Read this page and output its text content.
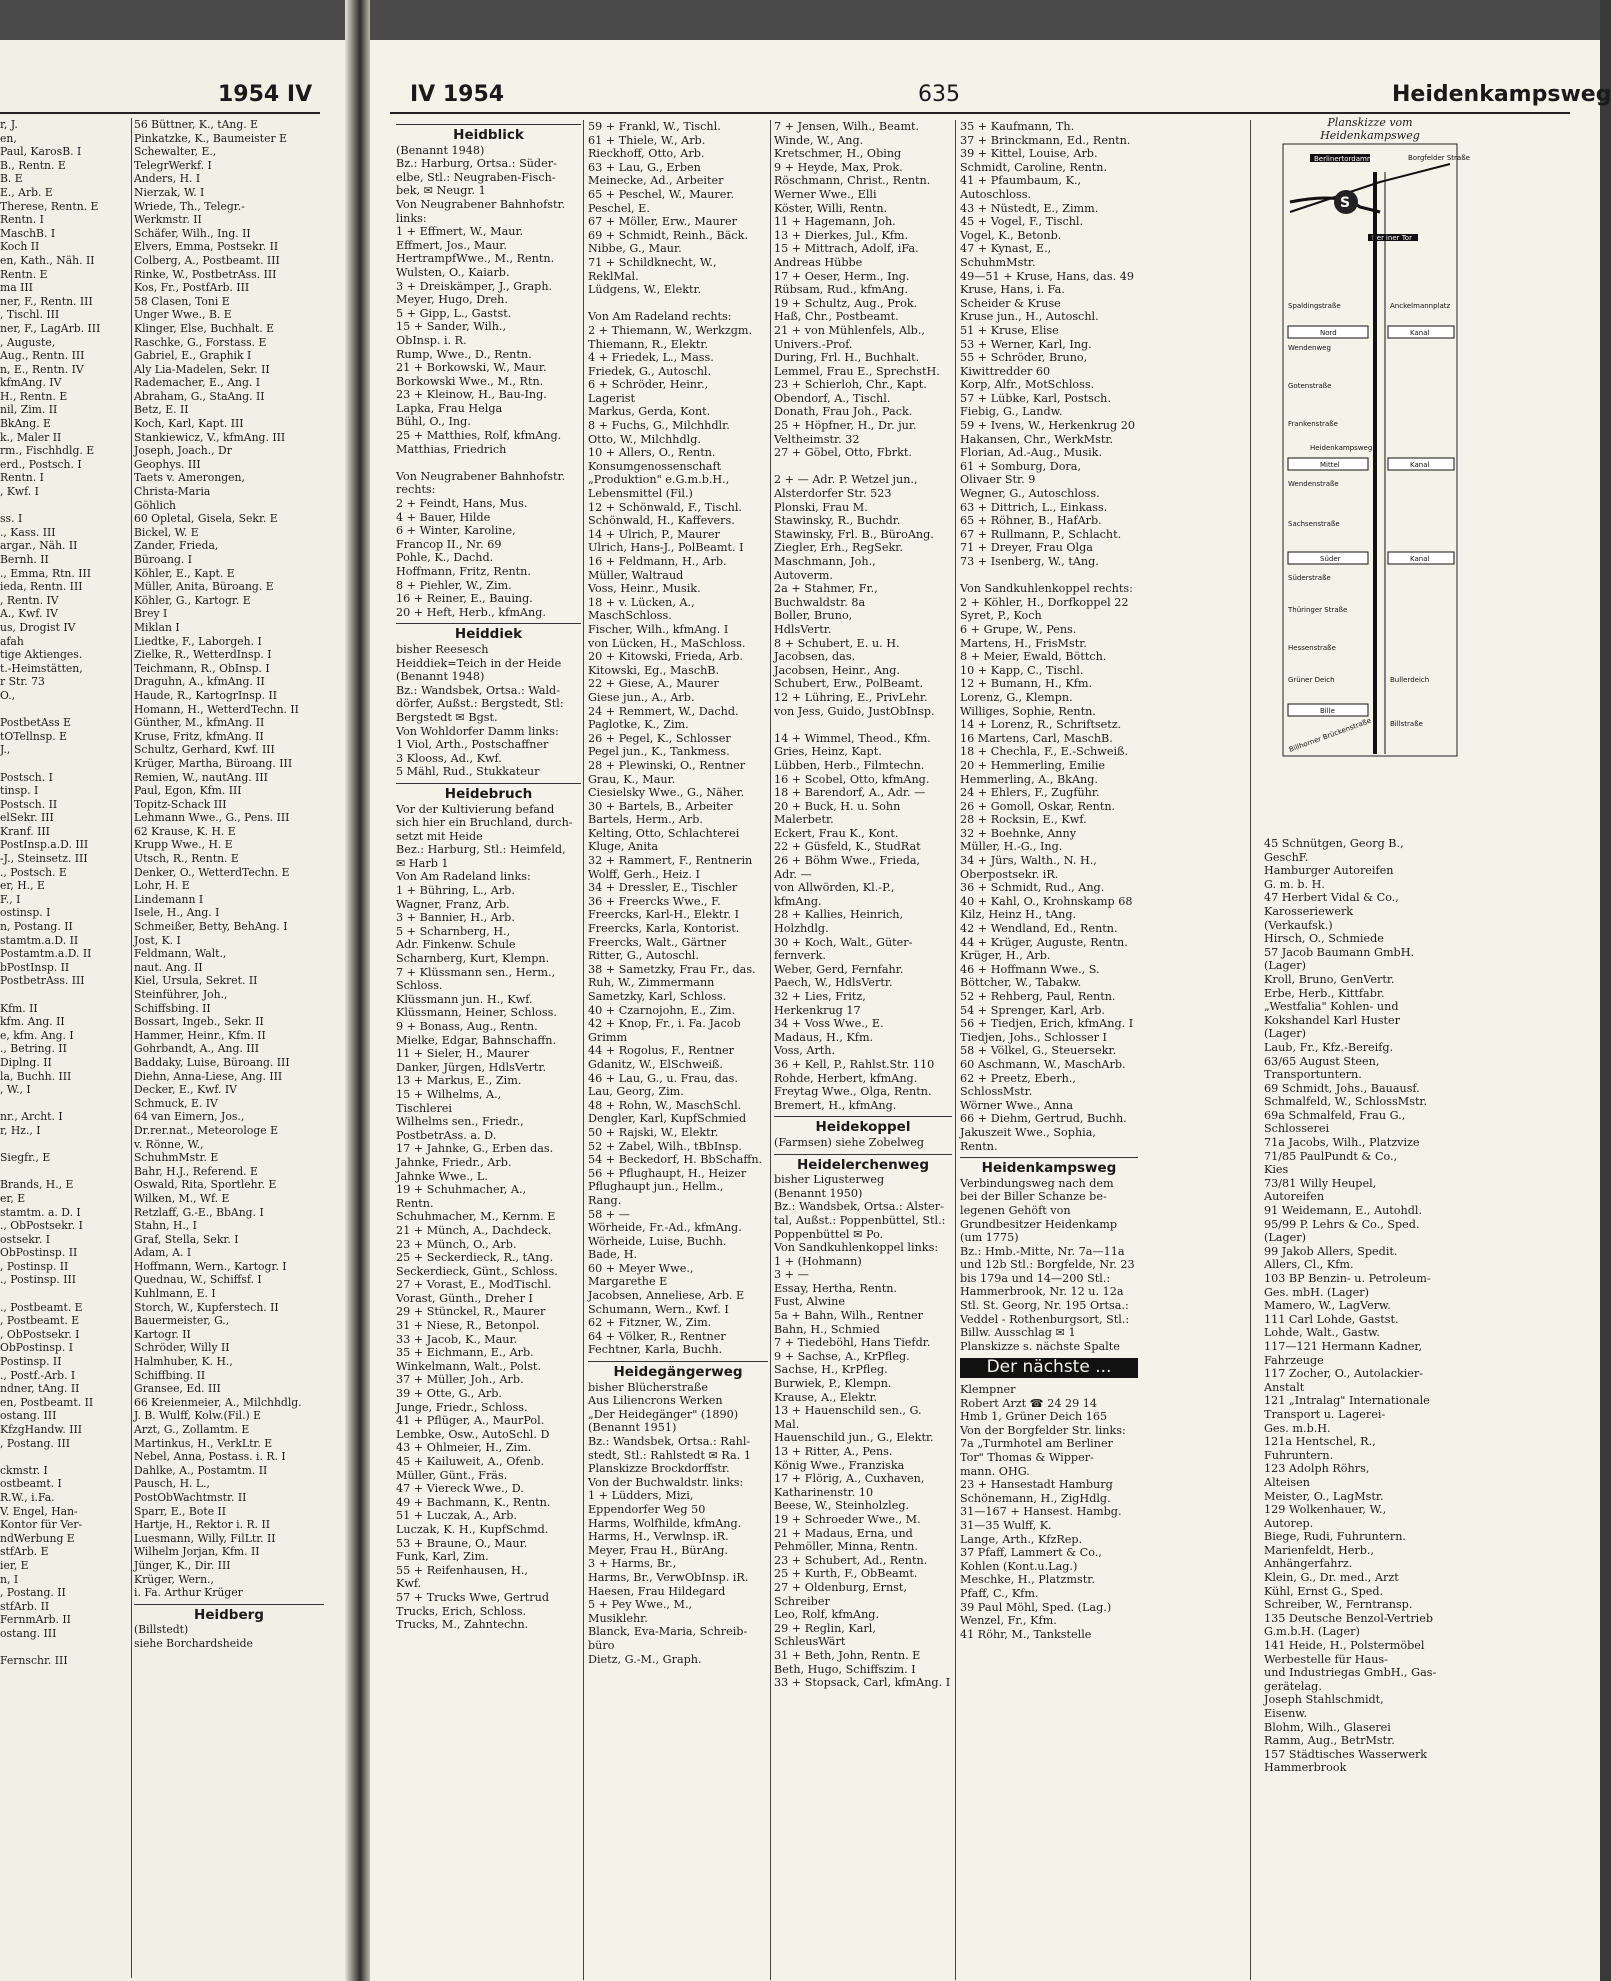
1954 IV
r, J.
en,
Paul, KarosB. I
B., Rentn. E
B. E
E., Arb. E
Therese, Rentn. E
Rentn. I
MaschB. I
Koch II
en, Kath., Näh. II
Rentn. E
ma III
ner, F., Rentn. III
, Tischl. III
ner, F., LagArb. III
, Auguste,
Aug., Rentn. III
n, E., Rentn. IV
kfmAng. IV
H., Rentn. E
nil, Zim. II
BkAng. E
k., Maler II
rm., Fischhdlg. E
erd., Postsch. I
Rentn. I
, Kwf. I
ss. I
., Kass. III
argar., Näh. II
Bernh. II
., Emma, Rtn. III
ieda, Rentn. III
, Rentn. IV
A., Kwf. IV
us, Drogist IV
afah
tige Aktienges.
t.-Heimstätten,
r Str. 73
O.,
PostbetAss E
tOTellnsp. E
J.,
Postsch. I
tinsp. I
Postsch. II
elSekr. III
Kranf. III
PostInsp.a.D. III
-J., Steinsetz. III
., Postsch. E
er, H., E
F., I
ostinsp. I
n, Postang. II
stamtm.a.D. II
Postamtm.a.D. II
bPostInsp. II
PostbetrAss. III
Kfm. II
kfm. Ang. II
e, kfm. Ang. I
., Betring. II
Diplng. II
la, Buchh. III
, W., I
nr., Archt. I
r, Hz., I
Siegfr., E
Brands, H., E
er, E
stamtm. a. D. I
., ObPostsekr. I
ostsekr. I
ObPostinsp. II
, Postinsp. II
., Postinsp. III
., Postbeamt. E
, Postbeamt. E
, ObPostsekr. I
ObPostinsp. I
Postinsp. II
., Postf.-Arb. I
ndner, tAng. II
en, Postbeamt. II
ostang. III
KfzgHandw. III
, Postang. III
ckmstr. I
ostbeamt. I
R.W., i.Fa.
V. Engel, Han-
Kontor für Ver-
ndWerbung E
stfArb. E
ier, E
n, I
, Postang. II
stfArb. II
FernmArb. II
ostang. III
Fernschr. III
56 Büttner, K., tAng. E
Pinkatzke, K., Baumeister E
Schewalter, E.,
TelegrWerkf. I
Anders, H. I
Nierzak, W. I
Wriede, Th., Telegr.-
Werkmstr. II
Schäfer, Wilh., Ing. II
Elvers, Emma, Postsekr. II
Colberg, A., Postbeamt. III
Rinke, W., PostbetrAss. III
Kos, Fr., PostfArb. III
58 Clasen, Toni E
Unger Wwe., B. E
Klinger, Else, Buchhalt. E
Raschke, G., Forstass. E
Gabriel, E., Graphik I
Aly Lia-Madelen, Sekr. II
Rademacher, E., Ang. I
Abraham, G., StaAng. II
Betz, E. II
Koch, Karl, Kapt. III
Stankiewicz, V., kfmAng. III
Joseph, Joach., Dr
Geophys. III
Taets v. Amerongen,
Christa-Maria
Göhlich
60 Opletal, Gisela, Sekr. E
Bickel, W. E
Zander, Frieda,
Büroang. I
Köhler, E., Kapt. E
Müller, Anita, Büroang. E
Köhler, G., Kartogr. E
Brey I
Miklan I
Liedtke, F., Laborgeh. I
Zielke, R., WetterdInsp. I
Teichmann, R., ObInsp. I
Draguhn, A., kfmAng. II
Haude, R., KartogrInsp. II
Homann, H., WetterdTechn. II
Günther, M., kfmAng. II
Kruse, Fritz, kfmAng. II
Schultz, Gerhard, Kwf. III
Krüger, Martha, Büroang. III
Remien, W., nautAng. III
Paul, Egon, Kfm. III
Topitz-Schack III
Lehmann Wwe., G., Pens. III
62 Krause, K. H. E
Krupp Wwe., H. E
Utsch, R., Rentn. E
Denker, O., WetterdTechn. E
Lohr, H. E
Lindemann I
Isele, H., Ang. I
Schmeißer, Betty, BehAng. I
Jost, K. I
Feldmann, Walt.,
naut. Ang. II
Kiel, Ursula, Sekret. II
Steinführer, Joh.,
Schiffsbing. II
Bossart, Ingeb., Sekr. II
Hammer, Heinr., Kfm. II
Gohrbandt, A., Ang. III
Baddaky, Luise, Büroang. III
Diehn, Anna-Liese, Ang. III
Decker, E., Kwf. IV
Schmuck, E. IV
64 van Eimern, Jos.,
Dr.rer.nat., Meteorologe E
v. Rönne, W.,
SchuhmMstr. E
Bahr, H.J., Referend. E
Oswald, Rita, Sportlehr. E
Wilken, M., Wf. E
Retzlaff, G.-E., BbAng. I
Stahn, H., I
Graf, Stella, Sekr. I
Adam, A. I
Hoffmann, Wern., Kartogr. I
Quednau, W., Schiffsf. I
Kuhlmann, E. I
Storch, W., Kupferstech. II
Bauermeister, G.,
Kartogr. II
Schröder, Willy II
Halmhuber, K. H.,
Schiffbing. II
Gransee, Ed. III
66 Kreienmeier, A., Milchhdlg.
J. B. Wulff, Kolw.(Fil.) E
Arzt, G., Zollamtm. E
Martinkus, H., VerkLtr. E
Nebel, Anna, Postass. i. R. I
Dahlke, A., Postamtm. II
Pausch, H. L.,
PostObWachtmstr. II
Sparr, E., Bote II
Hartje, H., Rektor i. R. II
Luesmann, Willy, FilLtr. II
Wilhelm Jorjan, Kfm. II
Jünger, K., Dir. III
Krüger, Wern.,
i. Fa. Arthur Krüger
Heidberg
(Billstedt)
siehe Borchardsheide
IV 1954	635	Heidenkampsweg
Heidblick
(Benannt 1948)
Bz.: Harburg, Ortsa.: Süder-
elbe, Stl.: Neugraben-Fisch-
bek, ✉ Neugr. 1
Von Neugrabener Bahnhofstr.
links:
1 + Effmert, W., Maur.
Effmert, Jos., Maur.
HertrampfWwe., M., Rentn.
Wulsten, O., Kaiarb.
3 + Dreiskämper, J., Graph.
Meyer, Hugo, Dreh.
5 + Gipp, L., Gastst.
15 + Sander, Wilh.,
ObInsp. i. R.
Rump, Wwe., D., Rentn.
21 + Borkowski, W., Maur.
Borkowski Wwe., M., Rtn.
23 + Kleinow, H., Bau-Ing.
Lapka, Frau Helga
Bühl, O., Ing.
25 + Matthies, Rolf, kfmAng.
Matthias, Friedrich
Von Neugrabener Bahnhofstr.
rechts:
2 + Feindt, Hans, Mus.
4 + Bauer, Hilde
6 + Winter, Karoline,
Francop II., Nr. 69
Pohle, K., Dachd.
Hoffmann, Fritz, Rentn.
8 + Piehler, W., Zim.
16 + Reiner, E., Bauing.
20 + Heft, Herb., kfmAng.
Heiddiek
bisher Reesesch
Heiddiek=Teich in der Heide
(Benannt 1948)
Bz.: Wandsbek, Ortsa.: Wald-
dörfer, Außst.: Bergstedt, Stl:
Bergstedt ✉ Bgst.
Von Wohldorfer Damm links:
1 Viol, Arth., Postschaffner
3 Klooss, Ad., Kwf.
5 Mähl, Rud., Stukkateur
Heidebruch
Vor der Kultivierung befand
sich hier ein Bruchland, durch-
setzt mit Heide
Bez.: Harburg, Stl.: Heimfeld,
✉ Harb 1
Von Am Radeland links:
1 + Bühring, L., Arb.
Wagner, Franz, Arb.
3 + Bannier, H., Arb.
5 + Scharnberg, H.,
Adr. Finkenw. Schule
Scharnberg, Kurt, Klempn.
7 + Klüssmann sen., Herm.,
Schloss.
Klüssmann jun. H., Kwf.
Klüssmann, Heiner, Schloss.
9 + Bonass, Aug., Rentn.
Mielke, Edgar, Bahnschaffn.
11 + Sieler, H., Maurer
Danker, Jürgen, HdlsVertr.
13 + Markus, E., Zim.
15 + Wilhelms, A.,
Tischlerei
Wilhelms sen., Friedr.,
PostbetrAss. a. D.
17 + Jahnke, G., Erben das.
Jahnke, Friedr., Arb.
Jahnke Wwe., L.
19 + Schuhmacher, A.,
Rentn.
Schuhmacher, M., Kernm. E
21 + Münch, A., Dachdeck.
23 + Münch, O., Arb.
25 + Seckerdieck, R., tAng.
Seckerdieck, Günt., Schloss.
27 + Vorast, E., ModTischl.
Vorast, Günth., Dreher I
29 + Stünckel, R., Maurer
31 + Niese, R., Betonpol.
33 + Jacob, K., Maur.
35 + Eichmann, E., Arb.
Winkelmann, Walt., Polst.
37 + Müller, Joh., Arb.
39 + Otte, G., Arb.
Junge, Friedr., Schloss.
41 + Pflüger, A., MaurPol.
Lembke, Osw., AutoSchl. D
43 + Ohlmeier, H., Zim.
45 + Kailuweit, A., Ofenb.
Müller, Günt., Fräs.
47 + Viereck Wwe., D.
49 + Bachmann, K., Rentn.
51 + Luczak, A., Arb.
Luczak, K. H., KupfSchmd.
53 + Braune, O., Maur.
Funk, Karl, Zim.
55 + Reifenhausen, H.,
Kwf.
57 + Trucks Wwe, Gertrud
Trucks, Erich, Schloss.
Trucks, M., Zahntechn.
59 + Frankl, W., Tischl.
61 + Thiele, W., Arb.
Rieckhoff, Otto, Arb.
63 + Lau, G., Erben
Meinecke, Ad., Arbeiter
65 + Peschel, W., Maurer.
Peschel, E.
67 + Möller, Erw., Maurer
69 + Schmidt, Reinh., Bäck.
Nibbe, G., Maur.
71 + Schildknecht, W.,
ReklMal.
Lüdgens, W., Elektr.
Von Am Radeland rechts:
2 + Thiemann, W., Werkzgm.
Thiemann, R., Elektr.
4 + Friedek, L., Mass.
Friedek, G., Autoschl.
6 + Schröder, Heinr.,
Lagerist
Markus, Gerda, Kont.
8 + Fuchs, G., Milchhdlr.
Otto, W., Milchhdlg.
10 + Allers, O., Rentn.
Konsumgenossenschaft
„Produktion" e.G.m.b.H.,
Lebensmittel (Fil.)
12 + Schönwald, F., Tischl.
Schönwald, H., Kaffevers.
14 + Ulrich, P., Maurer
Ulrich, Hans-J., PolBeamt. I
16 + Feldmann, H., Arb.
Müller, Waltraud
Voss, Heinr., Musik.
18 + v. Lücken, A.,
MaschSchloss.
Fischer, Wilh., kfmAng. I
von Lücken, H., MaSchloss.
20 + Kitowski, Frieda, Arb.
Kitowski, Eg., MaschB.
22 + Giese, A., Maurer
Giese jun., A., Arb.
24 + Remmert, W., Dachd.
Paglotke, K., Zim.
26 + Pegel, K., Schlosser
Pegel jun., K., Tankmess.
28 + Plewinski, O., Rentner
Grau, K., Maur.
Ciesielsky Wwe., G., Näher.
30 + Bartels, B., Arbeiter
Bartels, Herm., Arb.
Kelting, Otto, Schlachterei
Kluge, Anita
32 + Rammert, F., Rentnerin
Wolff, Gerh., Heiz. I
34 + Dressler, E., Tischler
36 + Freercks Wwe., F.
Freercks, Karl-H., Elektr. I
Freercks, Karla, Kontorist.
Freercks, Walt., Gärtner
Ritter, G., Autoschl.
38 + Sametzky, Frau Fr., das.
Ruh, W., Zimmermann
Sametzky, Karl, Schloss.
40 + Czarnojohn, E., Zim.
42 + Knop, Fr., i. Fa. Jacob
Grimm
44 + Rogolus, F., Rentner
Gdanitz, W., ElSchweiß.
46 + Lau, G., u. Frau, das.
Lau, Georg, Zim.
48 + Rohn, W., MaschSchl.
Dengler, Karl, KupfSchmied
50 + Rajski, W., Elektr.
52 + Zabel, Wilh., tBbInsp.
54 + Beckedorf, H. BbSchaffn.
56 + Pflughaupt, H., Heizer
Pflughaupt jun., Hellm.,
Rang.
58 + —
Wörheide, Fr.-Ad., kfmAng.
Wörheide, Luise, Buchh.
Bade, H.
60 + Meyer Wwe.,
Margarethe E
Jacobsen, Anneliese, Arb. E
Schumann, Wern., Kwf. I
62 + Fitzner, W., Zim.
64 + Völker, R., Rentner
Fechtner, Karla, Buchh.
Heidegängerweg
bisher Blücherstraße
Aus Liliencrons Werken
„Der Heidegänger" (1890)
(Benannt 1951)
Bz.: Wandsbek, Ortsa.: Rahl-
stedt, Stl.: Rahlstedt ✉ Ra. 1
Planskizze Brockdorffstr.
Von der Buchwaldstr. links:
1 + Lüdders, Mizi,
Eppendorfer Weg 50
Harms, Wolfhilde, kfmAng.
Harms, H., Verwlnsp. iR.
Meyer, Frau H., BürAng.
3 + Harms, Br.,
Harms, Br., VerwObInsp. iR.
Haesen, Frau Hildegard
5 + Pey Wwe., M.,
Musiklehr.
Blanck, Eva-Maria, Schreib-
büro
Dietz, G.-M., Graph.
7 + Jensen, Wilh., Beamt.
Winde, W., Ang.
Kretschmer, H., Obing
9 + Heyde, Max, Prok.
Röschmann, Christ., Rentn.
Werner Wwe., Elli
Köster, Willi, Rentn.
11 + Hagemann, Joh.
13 + Dierkes, Jul., Kfm.
15 + Mittrach, Adolf, iFa.
Andreas Hübbe
17 + Oeser, Herm., Ing.
Rübsam, Rud., kfmAng.
19 + Schultz, Aug., Prok.
Haß, Chr., Postbeamt.
21 + von Mühlenfels, Alb.,
Univers.-Prof.
During, Frl. H., Buchhalt.
Lemmel, Frau E., SprechstH.
23 + Schierloh, Chr., Kapt.
Obendorf, A., Tischl.
Donath, Frau Joh., Pack.
25 + Höpfner, H., Dr. jur.
Veltheimstr. 32
27 + Göbel, Otto, Fbrkt.
2 + — Adr. P. Wetzel jun.,
Alsterdorfer Str. 523
Plonski, Frau M.
Stawinsky, R., Buchdr.
Stawinsky, Frl. B., BüroAng.
Ziegler, Erh., RegSekr.
Maschmann, Joh.,
Autoverm.
2a + Stahmer, Fr.,
Buchwaldstr. 8a
Boller, Bruno,
HdlsVertr.
8 + Schubert, E. u. H.
Jacobsen, das.
Jacobsen, Heinr., Ang.
Schubert, Erw., PolBeamt.
12 + Lühring, E., PrivLehr.
von Jess, Guido, JustObInsp.
14 + Wimmel, Theod., Kfm.
Gries, Heinz, Kapt.
Lübben, Herb., Filmtechn.
16 + Scobel, Otto, kfmAng.
18 + Barendorf, A., Adr. —
20 + Buck, H. u. Sohn
Malerbetr.
Eckert, Frau K., Kont.
22 + Güsfeld, K., StudRat
26 + Böhm Wwe., Frieda,
Adr. —
von Allwörden, Kl.-P.,
kfmAng.
28 + Kallies, Heinrich,
Holzhdlg.
30 + Koch, Walt., Güter-
fernverk.
Weber, Gerd, Fernfahr.
Paech, W., HdlsVertr.
32 + Lies, Fritz,
Herkenkrug 17
34 + Voss Wwe., E.
Madaus, H., Kfm.
Voss, Arth.
36 + Kell, P., Rahlst.Str. 110
Rohde, Herbert, kfmAng.
Freytag Wwe., Olga, Rentn.
Bremert, H., kfmAng.
Heidekoppel
(Farmsen) siehe Zobelweg
Heidelerchenweg
bisher Ligusterweg
(Benannt 1950)
Bz.: Wandsbek, Ortsa.: Alster-
tal, Außst.: Poppenbüttel, Stl.:
Poppenbüttel ✉ Po.
Von Sandkuhlenkoppel links:
1 + (Hohmann)
3 + —
Essay, Hertha, Rentn.
Fust, Alwine
5a + Bahn, Wilh., Rentner
Bahn, H., Schmied
7 + Tiedeböhl, Hans Tiefdr.
9 + Sachse, A., KrPfleg.
Sachse, H., KrPfleg.
Burwiek, P., Klempn.
Krause, A., Elektr.
13 + Hauenschild sen., G.
Mal.
Hauenschild jun., G., Elektr.
13 + Ritter, A., Pens.
König Wwe., Franziska
17 + Flörig, A., Cuxhaven,
Katharinenstr. 10
Beese, W., Steinholzleg.
19 + Schroeder Wwe., M.
21 + Madaus, Erna, und
Pehmöller, Minna, Rentn.
23 + Schubert, Ad., Rentn.
25 + Kurth, F., ObBeamt.
27 + Oldenburg, Ernst,
Schreiber
Leo, Rolf, kfmAng.
29 + Reglin, Karl,
SchleusWärt
31 + Beth, John, Rentn. E
Beth, Hugo, Schiffszim. I
33 + Stopsack, Carl, kfmAng. I
35 + Kaufmann, Th.
37 + Brinckmann, Ed., Rentn.
39 + Kittel, Louise, Arb.
Schmidt, Caroline, Rentn.
41 + Pfaumbaum, K.,
Autoschloss.
43 + Nüstedt, E., Zimm.
45 + Vogel, F., Tischl.
Vogel, K., Betonb.
47 + Kynast, E.,
SchuhmMstr.
49—51 + Kruse, Hans, das. 49
Kruse, Hans, i. Fa.
Scheider & Kruse
Kruse jun., H., Autoschl.
51 + Kruse, Elise
53 + Werner, Karl, Ing.
55 + Schröder, Bruno,
Kiwittredder 60
Korp, Alfr., MotSchloss.
57 + Lübke, Karl, Postsch.
Fiebig, G., Landw.
59 + Ivens, W., Herkenkrug 20
Hakansen, Chr., WerkMstr.
Florian, Ad.-Aug., Musik.
61 + Somburg, Dora,
Olivaer Str. 9
Wegner, G., Autoschloss.
63 + Dittrich, L., Einkass.
65 + Röhner, B., HafArb.
67 + Rullmann, P., Schlacht.
71 + Dreyer, Frau Olga
73 + Isenberg, W., tAng.
Von Sandkuhlenkoppel rechts:
2 + Köhler, H., Dorfkoppel 22
Syret, P., Koch
6 + Grupe, W., Pens.
Martens, H., FrisMstr.
8 + Meier, Ewald, Böttch.
10 + Kapp, C., Tischl.
12 + Bumann, H., Kfm.
Lorenz, G., Klempn.
Williges, Sophie, Rentn.
14 + Lorenz, R., Schriftsetz.
16 Martens, Carl, MaschB.
18 + Chechla, F., E.-Schweiß.
20 + Hemmerling, Emilie
Hemmerling, A., BkAng.
24 + Ehlers, F., Zugführ.
26 + Gomoll, Oskar, Rentn.
28 + Rocksin, E., Kwf.
32 + Boehnke, Anny
Müller, H.-G., Ing.
34 + Jürs, Walth., N. H.,
Oberpostsekr. iR.
36 + Schmidt, Rud., Ang.
40 + Kahl, O., Krohnskamp 68
Kilz, Heinz H., tAng.
42 + Wendland, Ed., Rentn.
44 + Krüger, Auguste, Rentn.
Krüger, H., Arb.
46 + Hoffmann Wwe., S.
Böttcher, W., Tabakw.
52 + Rehberg, Paul, Rentn.
54 + Sprenger, Karl, Arb.
56 + Tiedjen, Erich, kfmAng. I
Tiedjen, Johs., Schlosser I
58 + Völkel, G., Steuersekr.
60 Aschmann, W., MaschArb.
62 + Preetz, Eberh.,
SchlossMstr.
Wörner Wwe., Anna
66 + Diehm, Gertrud, Buchh.
Jakuszeit Wwe., Sophia,
Rentn.
Heidenkampsweg
Verbindungsweg nach dem
bei der Biller Schanze be-
legenen Gehöft von
Grundbesitzer Heidenkamp
(um 1775)
Bz.: Hmb.-Mitte, Nr. 7a—11a
und 12b Stl.: Borgfelde, Nr. 23
bis 179a und 14—200 Stl.:
Hammerbrook, Nr. 12 u. 12a
Stl. St. Georg, Nr. 195 Ortsa.:
Veddel - Rothenburgsort, Stl.:
Billw. Ausschlag ✉ 1
Planskizze s. nächste Spalte
Der nächste ...
Klempner
Robert Arzt ☎ 24 29 14
Hmb 1, Grüner Deich 165
Von der Borgfelder Str. links:
7a „Turmhotel am Berliner
Tor" Thomas & Wipper-
mann. OHG.
23 + Hansestadt Hamburg
Schönemann, H., ZigHdlg.
31—167 + Hansest. Hambg.
31—35 Wulff, K.
Lange, Arth., KfzRep.
37 Pfaff, Lammert & Co.,
Kohlen (Kont.u.Lag.)
Meschke, H., Platzmstr.
Pfaff, C., Kfm.
39 Paul Möhl, Sped. (Lag.)
Wenzel, Fr., Kfm.
41 Röhr, M., Tankstelle
Planskizze vom Heidenkampsweg
Berlinertordamm	Borgfelder Straße
S
Berliner Tor
Spaldingstraße	Anckelmannplatz
Nord	Kanal
Wendenweg
Gotenstraße
Frankenstraße
Heidenkampsweg
Mittel	Kanal
Wendenstraße
Sachsenstraße
Süder	Kanal
Süderstraße
Thüringer Straße
Hessenstraße
Grüner Deich	Bullerdeich
Bille
Billstraße
Billhorner Brückenstraße
45 Schnütgen, Georg B.,
GeschF.
Hamburger Autoreifen
G. m. b. H.
47 Herbert Vidal & Co.,
Karosseriewerk
(Verkaufsk.)
Hirsch, O., Schmiede
57 Jacob Baumann GmbH.
(Lager)
Kroll, Bruno, GenVertr.
Erbe, Herb., Kittfabr.
„Westfalia" Kohlen- und
Kokshandel Karl Huster
(Lager)
Laub, Fr., Kfz.-Bereifg.
63/65 August Steen,
Transportuntern.
69 Schmidt, Johs., Bauausf.
Schmalfeld, W., SchlossMstr.
69a Schmalfeld, Frau G.,
Schlosserei
71a Jacobs, Wilh., Platzvize
71/85 PaulPundt & Co.,
Kies
73/81 Willy Heupel,
Autoreifen
91 Weidemann, E., Autohdl.
95/99 P. Lehrs & Co., Sped.
(Lager)
99 Jakob Allers, Spedit.
Allers, Cl., Kfm.
103 BP Benzin- u. Petroleum-
Ges. mbH. (Lager)
Mamero, W., LagVerw.
111 Carl Lohde, Gastst.
Lohde, Walt., Gastw.
117—121 Hermann Kadner,
Fahrzeuge
117 Zocher, O., Autolackier-
Anstalt
121 „Intralag" Internationale
Transport u. Lagerei-
Ges. m.b.H.
121a Hentschel, R.,
Fuhruntern.
123 Adolph Röhrs,
Alteisen
Meister, O., LagMstr.
129 Wolkenhauer, W.,
Autorep.
Biege, Rudi, Fuhruntern.
Marienfeldt, Herb.,
Anhängerfahrz.
Klein, G., Dr. med., Arzt
Kühl, Ernst G., Sped.
Schreiber, W., Ferntransp.
135 Deutsche Benzol-Vertrieb
G.m.b.H. (Lager)
141 Heide, H., Polstermöbel
Werbestelle für Haus-
und Industriegas GmbH., Gas-
gerätelag.
Joseph Stahlschmidt,
Eisenw.
Blohm, Wilh., Glaserei
Ramm, Aug., BetrMstr.
157 Städtisches Wasserwerk
Hammerbrook
